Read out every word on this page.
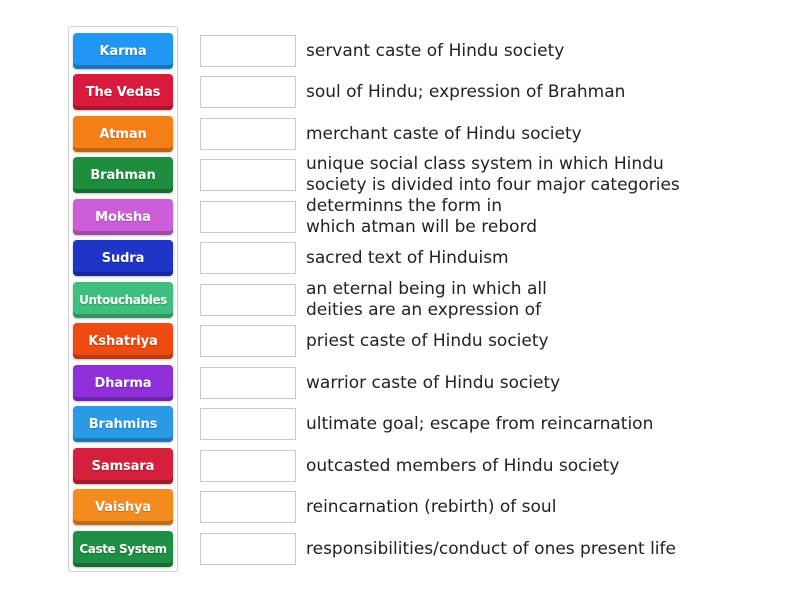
Karma
The Vedas
Atman
Brahman
Moksha
Sudra
Untouchables
Kshatriya
Dharma
Brahmins
Samsara
Vaishya
Caste System
servant caste of Hindu society
soul of Hindu; expression of Brahman
merchant caste of Hindu society
unique social class system in which Hindu
society is divided into four major categories
determinns the form in
which atman will be rebord
sacred text of Hinduism
an eternal being in which all
deities are an expression of
priest caste of Hindu society
warrior caste of Hindu society
ultimate goal; escape from reincarnation
outcasted members of Hindu society
reincarnation (rebirth) of soul
responsibilities/conduct of ones present life
